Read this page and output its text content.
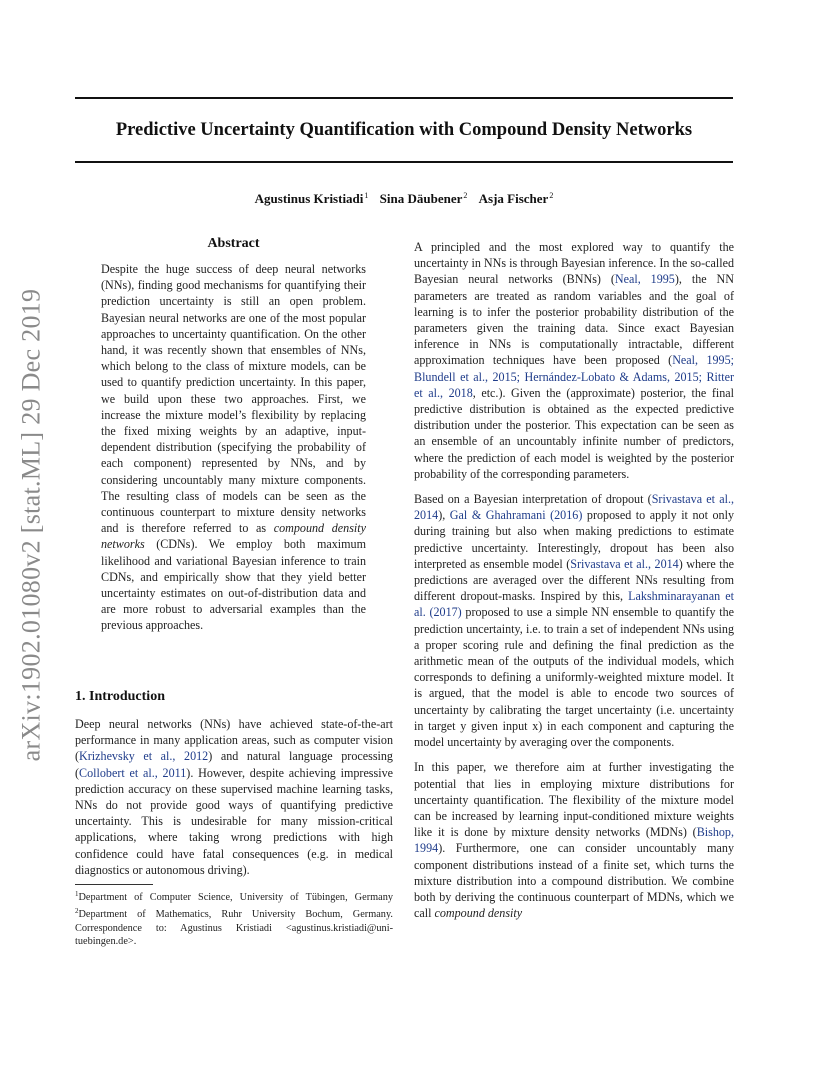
Predictive Uncertainty Quantification with Compound Density Networks
Agustinus Kristiadi$^1$ Sina Däubener$^2$ Asja Fischer$^2$
arXiv:1902.01080v2 [stat.ML] 29 Dec 2019
Abstract
Despite the huge success of deep neural networks (NNs), finding good mechanisms for quantifying their prediction uncertainty is still an open problem. Bayesian neural networks are one of the most popular approaches to uncertainty quantification. On the other hand, it was recently shown that ensembles of NNs, which belong to the class of mixture models, can be used to quantify prediction uncertainty. In this paper, we build upon these two approaches. First, we increase the mixture model’s flexibility by replacing the fixed mixing weights by an adaptive, input-dependent distribution (specifying the probability of each component) represented by NNs, and by considering uncountably many mixture components. The resulting class of models can be seen as the continuous counterpart to mixture density networks and is therefore referred to as compound density networks (CDNs). We employ both maximum likelihood and variational Bayesian inference to train CDNs, and empirically show that they yield better uncertainty estimates on out-of-distribution data and are more robust to adversarial examples than the previous approaches.
1. Introduction
Deep neural networks (NNs) have achieved state-of-the-art performance in many application areas, such as computer vision (Krizhevsky et al., 2012) and natural language processing (Collobert et al., 2011). However, despite achieving impressive prediction accuracy on these supervised machine learning tasks, NNs do not provide good ways of quantifying predictive uncertainty. This is undesirable for many mission-critical applications, where taking wrong predictions with high confidence could have fatal consequences (e.g. in medical diagnostics or autonomous driving).
$^1$Department of Computer Science, University of Tübingen, Germany $^2$Department of Mathematics, Ruhr University Bochum, Germany. Correspondence to: Agustinus Kristiadi <agustinus.kristiadi@uni-tuebingen.de>.

A principled and the most explored way to quantify the uncertainty in NNs is through Bayesian inference. In the so-called Bayesian neural networks (BNNs) (Neal, 1995), the NN parameters are treated as random variables and the goal of learning is to infer the posterior probability distribution of the parameters given the training data. Since exact Bayesian inference in NNs is computationally intractable, different approximation techniques have been proposed (Neal, 1995; Blundell et al., 2015; Hernández-Lobato & Adams, 2015; Ritter et al., 2018, etc.). Given the (approximate) posterior, the final predictive distribution is obtained as the expected predictive distribution under the posterior. This expectation can be seen as an ensemble of an uncountably infinite number of predictors, where the prediction of each model is weighted by the posterior probability of the corresponding parameters.

Based on a Bayesian interpretation of dropout (Srivastava et al., 2014), Gal & Ghahramani (2016) proposed to apply it not only during training but also when making predictions to estimate predictive uncertainty. Interestingly, dropout has been also interpreted as ensemble model (Srivastava et al., 2014) where the predictions are averaged over the different NNs resulting from different dropout-masks. Inspired by this, Lakshminarayanan et al. (2017) proposed to use a simple NN ensemble to quantify the prediction uncertainty, i.e. to train a set of independent NNs using a proper scoring rule and defining the final prediction as the arithmetic mean of the outputs of the individual models, which corresponds to defining a uniformly-weighted mixture model. It is argued, that the model is able to encode two sources of uncertainty by calibrating the target uncertainty (i.e. uncertainty in target y given input x) in each component and capturing the model uncertainty by averaging over the components.

In this paper, we therefore aim at further investigating the potential that lies in employing mixture distributions for uncertainty quantification. The flexibility of the mixture model can be increased by learning input-conditioned mixture weights like it is done by mixture density networks (MDNs) (Bishop, 1994). Furthermore, one can consider uncountably many component distributions instead of a finite set, which turns the mixture distribution into a compound distribution. We combine both by deriving the continuous counterpart of MDNs, which we call compound density
